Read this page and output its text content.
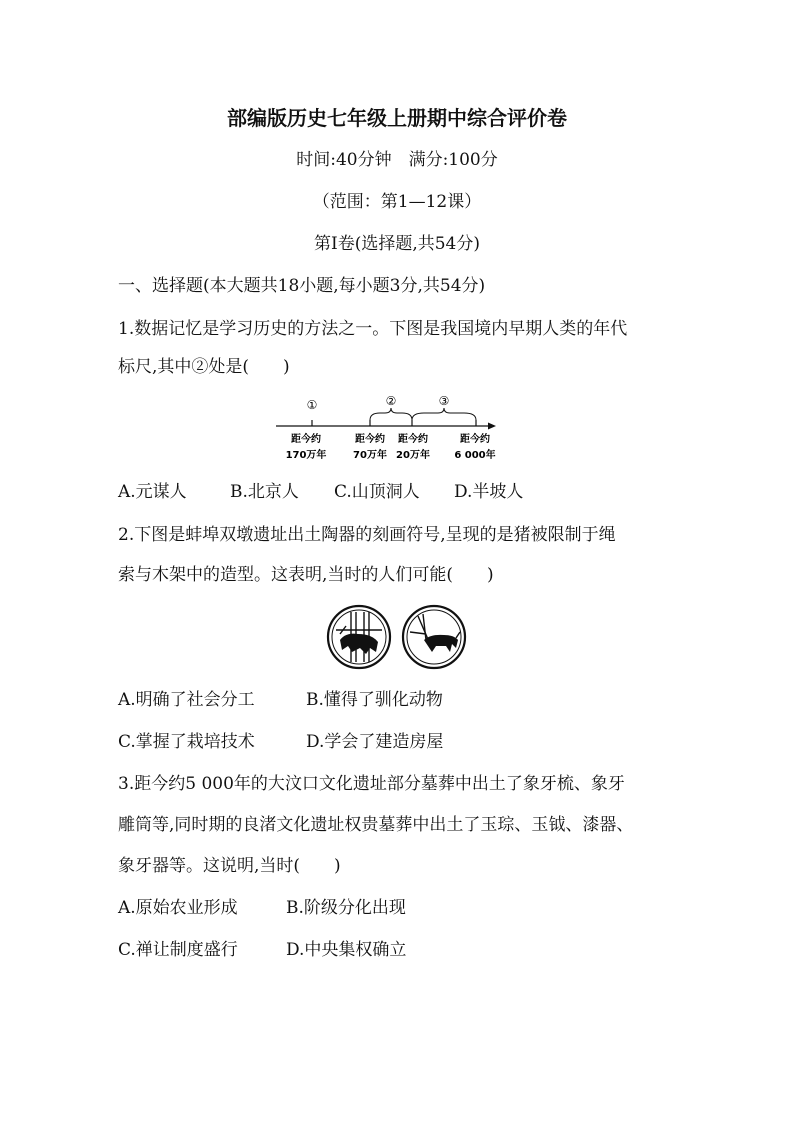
部编版历史七年级上册期中综合评价卷
时间:40分钟　满分:100分
（范围：第1—12课）
第Ⅰ卷(选择题,共54分)
一、选择题(本大题共18小题,每小题3分,共54分)
1.数据记忆是学习历史的方法之一。下图是我国境内早期人类的年代
标尺,其中②处是(　　)
①	②	③
距今约
170万年
距今约
70万年
距今约
20万年
距今约
6 000年
A.元谋人	B.北京人 C.山顶洞人 D.半坡人
2.下图是蚌埠双墩遗址出土陶器的刻画符号,呈现的是猪被限制于绳
索与木架中的造型。这表明,当时的人们可能(　　)
A.明确了社会分工	B.懂得了驯化动物
C.掌握了栽培技术	D.学会了建造房屋
3.距今约5 000年的大汶口文化遗址部分墓葬中出土了象牙梳、象牙
雕筒等,同时期的良渚文化遗址权贵墓葬中出土了玉琮、玉钺、漆器、
象牙器等。这说明,当时(　　)
A.原始农业形成	B.阶级分化出现
C.禅让制度盛行	D.中央集权确立
